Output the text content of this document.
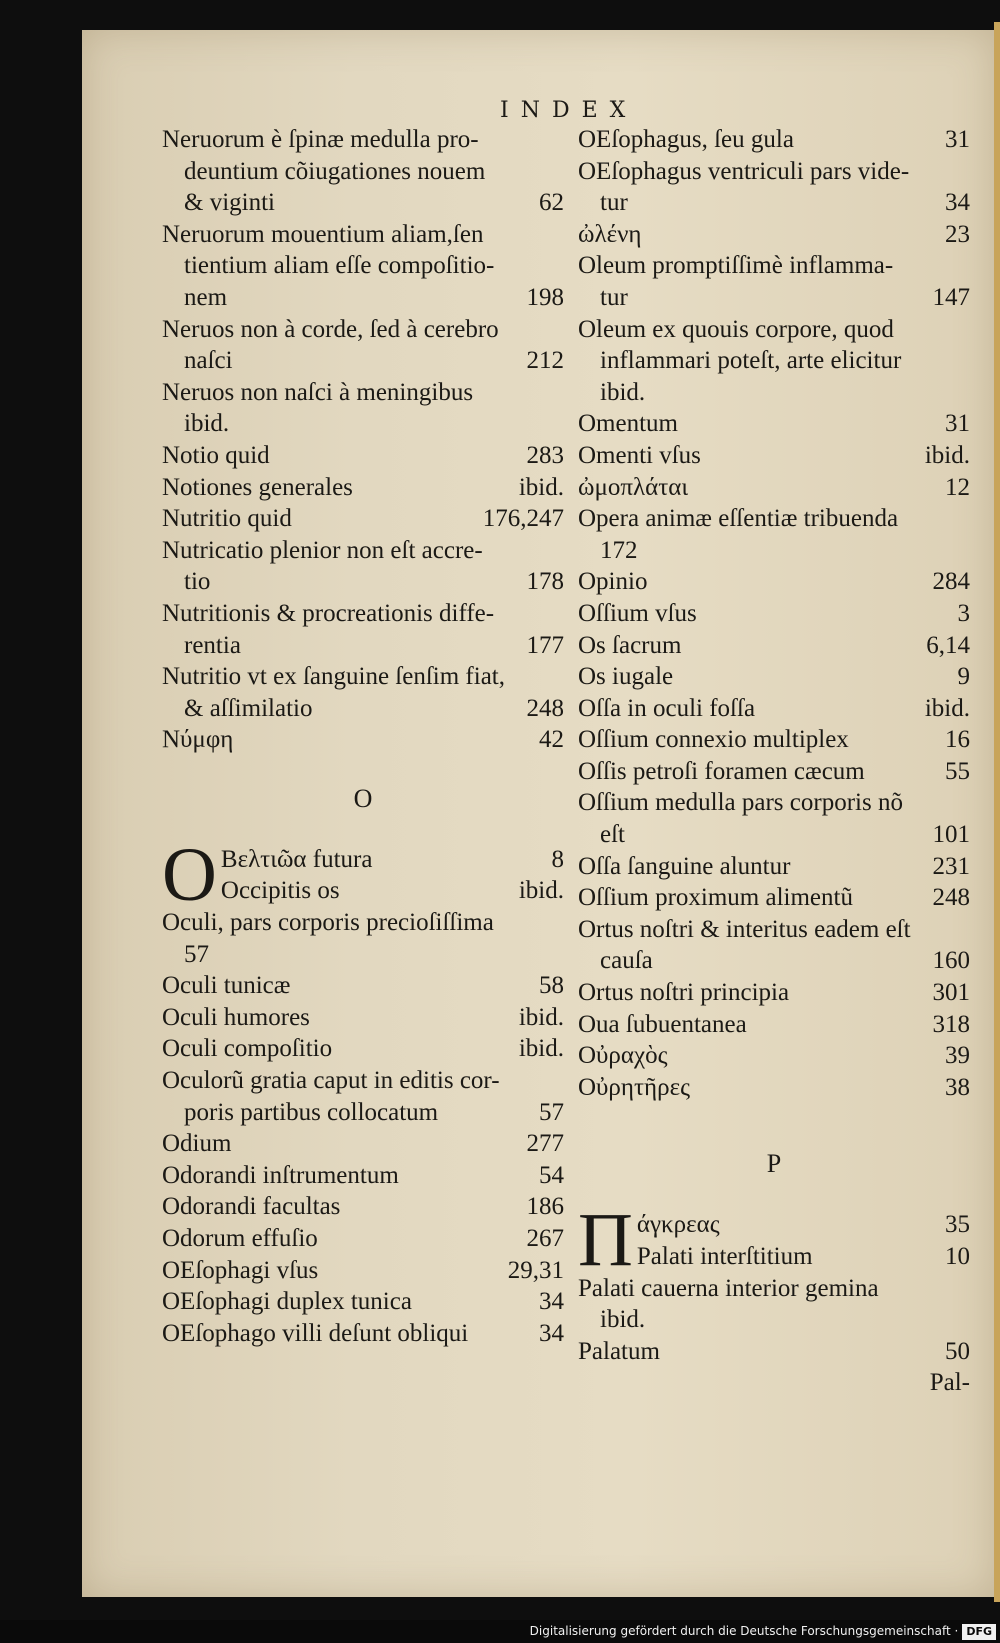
INDEX
Neruorum è ſpinæ medulla pro-
deuntium cõiugationes nouem
& viginti	62
Neruorum mouentium aliam,ſen
tientium aliam eſſe compoſitio-
nem	198
Neruos non à corde, ſed à cerebro
naſci	212
Neruos non naſci à meningibus
ibid.
Notio quid	283
Notiones generales	ibid.
Nutritio quid	176,247
Nutricatio plenior non eſt accre-
tio	178
Nutritionis & procreationis diffe-
rentia	177
Nutritio vt ex ſanguine ſenſim fiat,
& aſſimilatio	248
Νύμφη	42
O
O Βελτιῶα futura	8
Occipitis os	ibid.
Oculi, pars corporis precioſiſſima
57
Oculi tunicæ	58
Oculi humores	ibid.
Oculi compoſitio	ibid.
Oculorũ gratia caput in editis cor-
poris partibus collocatum	57
Odium	277
Odorandi inſtrumentum	54
Odorandi facultas	186
Odorum effuſio	267
OEſophagi vſus	29,31
OEſophagi duplex tunica	34
OEſophago villi deſunt obliqui	34
OEſophagus, ſeu gula	31
OEſophagus ventriculi pars vide-
tur	34
ὠλένη	23
Oleum promptiſſimè inflamma-
tur	147
Oleum ex quouis corpore, quod
inflammari poteſt, arte elicitur
ibid.
Omentum	31
Omenti vſus	ibid.
ὠμοπλάται	12
Opera animæ eſſentiæ tribuenda
172
Opinio	284
Oſſium vſus	3
Os ſacrum	6,14
Os iugale	9
Oſſa in oculi foſſa	ibid.
Oſſium connexio multiplex	16
Oſſis petroſi foramen cæcum	55
Oſſium medulla pars corporis nõ
eſt	101
Oſſa ſanguine aluntur	231
Oſſium proximum alimentũ	248
Ortus noſtri & interitus eadem eſt
cauſa	160
Ortus noſtri principia	301
Oua ſubuentanea	318
Οὐραχὸς	39
Οὐρητῆρες	38
P
Π άγκρεας	35
Palati interſtitium	10
Palati cauerna interior gemina
ibid.
Palatum	50
Pal-
Digitalisierung gefördert durch die Deutsche Forschungsgemeinschaft · DFG
